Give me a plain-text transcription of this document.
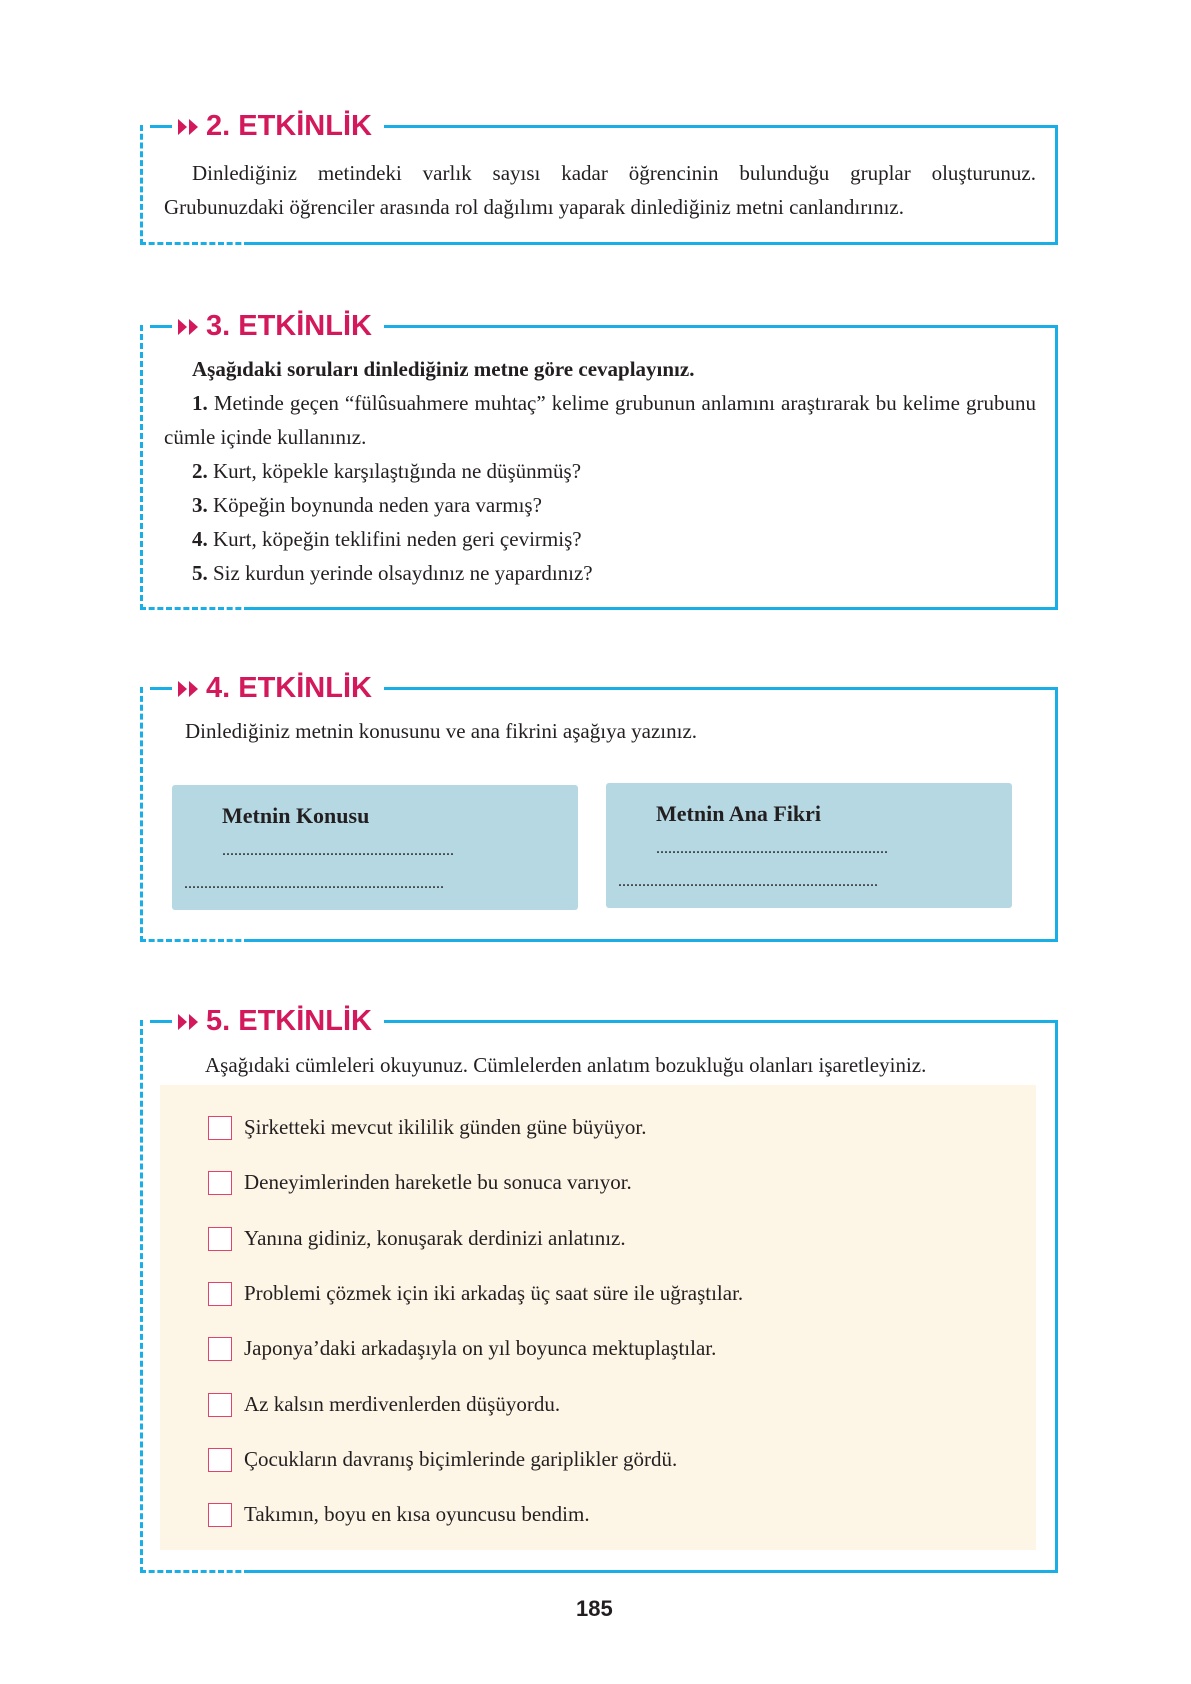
2. ETKİNLİK
Dinlediğiniz metindeki varlık sayısı kadar öğrencinin bulunduğu gruplar oluşturunuz. Grubunuzdaki öğrenciler arasında rol dağılımı yaparak dinlediğiniz metni canlandırınız.
3. ETKİNLİK
Aşağıdaki soruları dinlediğiniz metne göre cevaplayınız.
1. Metinde geçen “fülûsuahmere muhtaç” kelime grubunun anlamını araştırarak bu kelime grubunu cümle içinde kullanınız.
2. Kurt, köpekle karşılaştığında ne düşünmüş?
3. Köpeğin boynunda neden yara varmış?
4. Kurt, köpeğin teklifini neden geri çevirmiş?
5. Siz kurdun yerinde olsaydınız ne yapardınız?
4. ETKİNLİK
Dinlediğiniz metnin konusunu ve ana fikrini aşağıya yazınız.
Metnin Konusu
..........................................................
.................................................................
Metnin Ana Fikri
..........................................................
.................................................................
5. ETKİNLİK
Aşağıdaki cümleleri okuyunuz. Cümlelerden anlatım bozukluğu olanları işaretleyiniz.
Şirketteki mevcut ikililik günden güne büyüyor.
Deneyimlerinden hareketle bu sonuca varıyor.
Yanına gidiniz, konuşarak derdinizi anlatınız.
Problemi çözmek için iki arkadaş üç saat süre ile uğraştılar.
Japonya’daki arkadaşıyla on yıl boyunca mektuplaştılar.
Az kalsın merdivenlerden düşüyordu.
Çocukların davranış biçimlerinde gariplikler gördü.
Takımın, boyu en kısa oyuncusu bendim.
185
